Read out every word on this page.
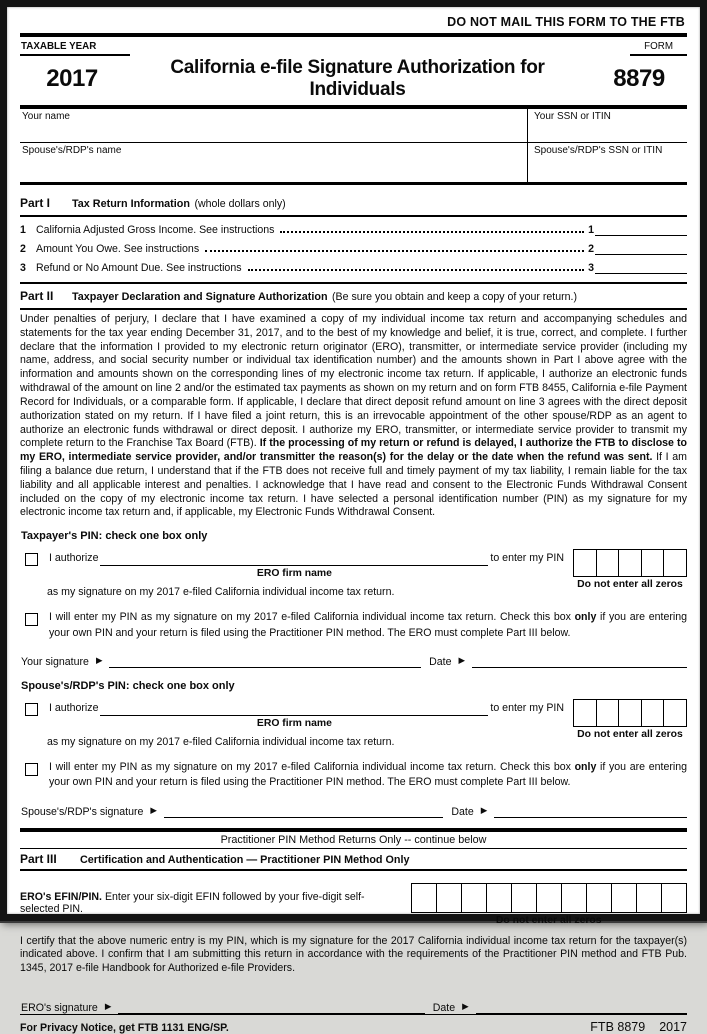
DO NOT MAIL THIS FORM TO THE FTB
TAXABLE YEAR	FORM
2017	California e-file Signature Authorization for Individuals	8879
Your name	Your SSN or ITIN
Spouse's/RDP's name	Spouse's/RDP's SSN or ITIN
Part I	Tax Return Information
(whole dollars only)
1 California Adjusted Gross Income. See instructions	1
2 Amount You Owe. See instructions	2
3 Refund or No Amount Due. See instructions	3
Part II	Taxpayer Declaration and Signature Authorization
(Be sure you obtain and keep a copy of your return.)
Under penalties of perjury, I declare that I have examined a copy of my individual income tax return and accompanying schedules and statements for the tax year ending December 31, 2017, and to the best of my knowledge and belief, it is true, correct, and complete. I further declare that the information I provided to my electronic return originator (ERO), transmitter, or intermediate service provider (including my name, address, and social security number or individual tax identification number) and the amounts shown in Part I above agree with the information and amounts shown on the corresponding lines of my electronic income tax return. If applicable, I authorize an electronic funds withdrawal of the amount on line 2 and/or the estimated tax payments as shown on my return and on form FTB 8455, California e-file Payment Record for Individuals, or a comparable form. If applicable, I declare that direct deposit refund amount on line 3 agrees with the direct deposit authorization stated on my return. If I have filed a joint return, this is an irrevocable appointment of the other spouse/RDP as an agent to authorize an electronic funds withdrawal or direct deposit. I authorize my ERO, transmitter, or intermediate service provider to transmit my complete return to the Franchise Tax Board (FTB). If the processing of my return or refund is delayed, I authorize the FTB to disclose to my ERO, intermediate service provider, and/or transmitter the reason(s) for the delay or the date when the refund was sent. If I am filing a balance due return, I understand that if the FTB does not receive full and timely payment of my tax liability, I remain liable for the tax liability and all applicable interest and penalties. I acknowledge that I have read and consent to the Electronic Funds Withdrawal Consent included on the copy of my electronic income tax return. I have selected a personal identification number (PIN) as my signature for my electronic income tax return and, if applicable, my Electronic Funds Withdrawal Consent.
Taxpayer's PIN: check one box only
I authorize
ERO firm name
to enter my PIN
Do not enter all zeros
as my signature on my 2017 e-filed California individual income tax return.
I will enter my PIN as my signature on my 2017 e-filed California individual income tax return. Check this box only if you are entering your own PIN and your return is filed using the Practitioner PIN method. The ERO must complete Part III below.
Your signature ▶	Date ▶
Spouse's/RDP's PIN: check one box only
I authorize
ERO firm name
to enter my PIN
Do not enter all zeros
as my signature on my 2017 e-filed California individual income tax return.
I will enter my PIN as my signature on my 2017 e-filed California individual income tax return. Check this box only if you are entering your own PIN and your return is filed using the Practitioner PIN method. The ERO must complete Part III below.
Spouse's/RDP's signature ▶	Date ▶
Practitioner PIN Method Returns Only -- continue below
Part III	Certification and Authentication — Practitioner PIN Method Only
ERO's EFIN/PIN. Enter your six-digit EFIN followed by your five-digit self-selected PIN.
Do not enter all zeros
I certify that the above numeric entry is my PIN, which is my signature for the 2017 California individual income tax return for the taxpayer(s) indicated above. I confirm that I am submitting this return in accordance with the requirements of the Practitioner PIN method and FTB Pub. 1345, 2017 e-file Handbook for Authorized e-file Providers.
ERO's signature ▶	Date ▶
For Privacy Notice, get FTB 1131 ENG/SP.	FTB 8879 2017
